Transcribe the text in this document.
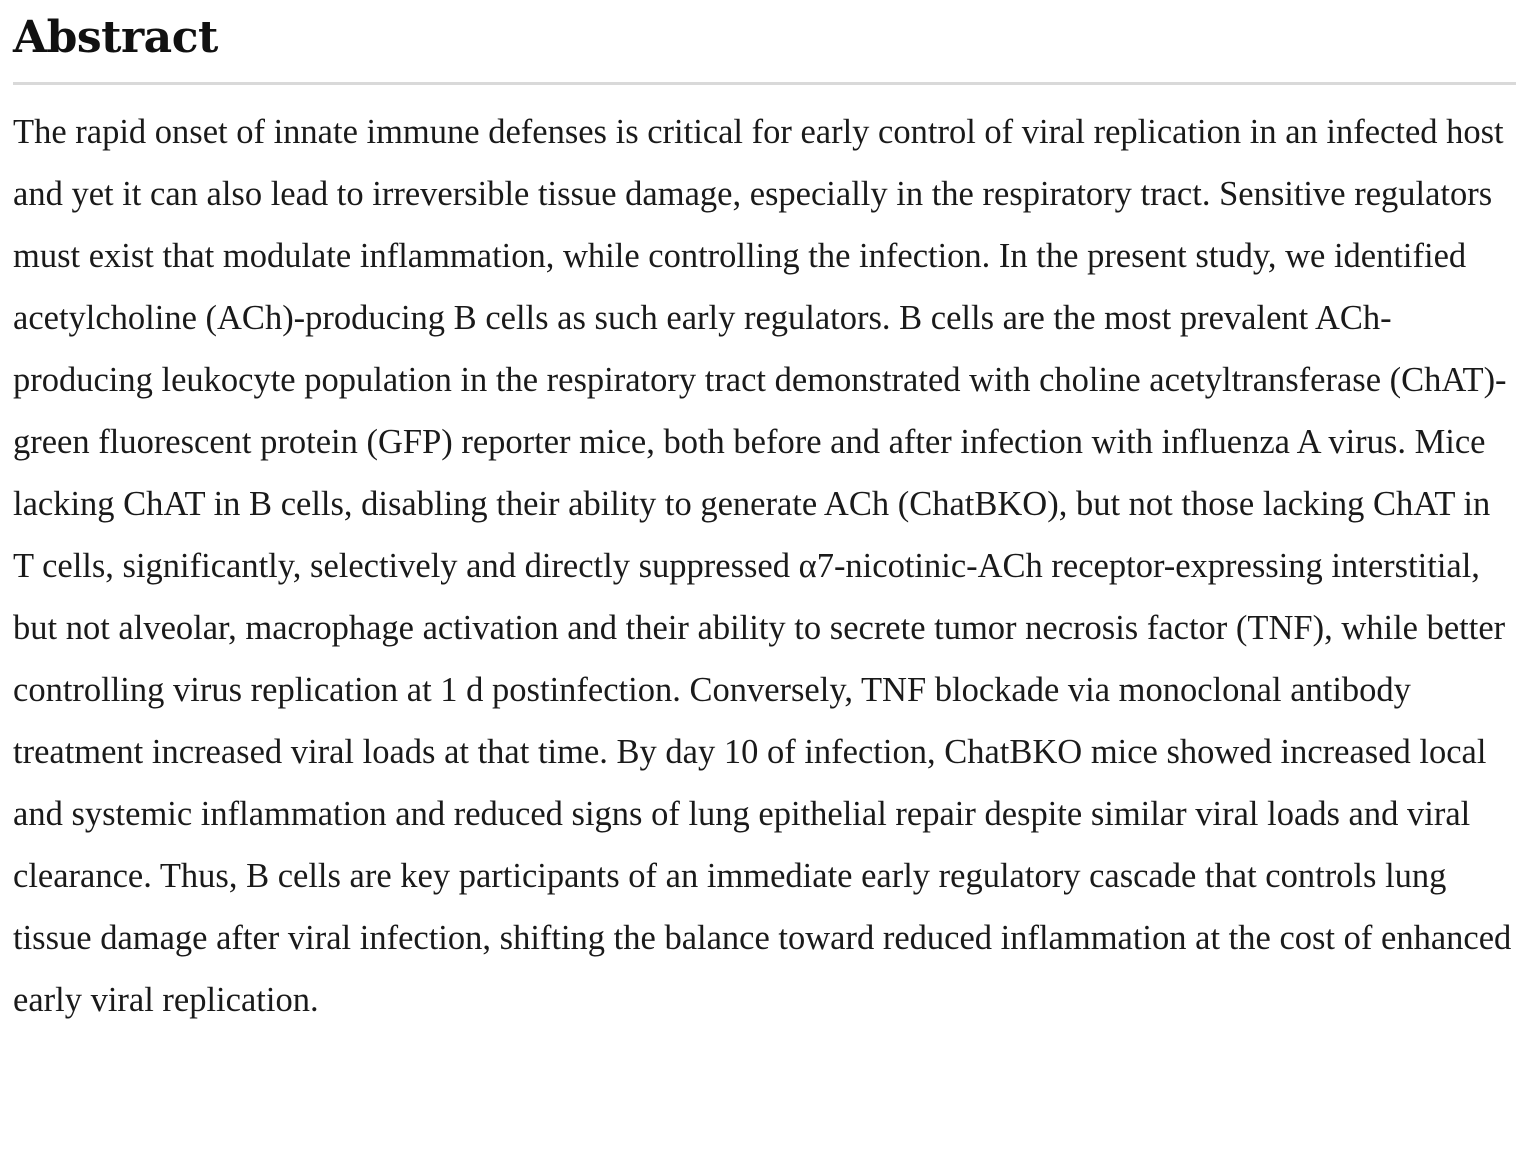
Abstract

The rapid onset of innate immune defenses is critical for early control of viral replication in an infected host and yet it can also lead to irreversible tissue damage, especially in the respiratory tract. Sensitive regulators must exist that modulate inflammation, while controlling the infection. In the present study, we identified acetylcholine (ACh)-producing B cells as such early regulators. B cells are the most prevalent ACh-producing leukocyte population in the respiratory tract demonstrated with choline acetyltransferase (ChAT)-green fluorescent protein (GFP) reporter mice, both before and after infection with influenza A virus. Mice lacking ChAT in B cells, disabling their ability to generate ACh (ChatBKO), but not those lacking ChAT in T cells, significantly, selectively and directly suppressed α7-nicotinic-ACh receptor-expressing interstitial, but not alveolar, macrophage activation and their ability to secrete tumor necrosis factor (TNF), while better controlling virus replication at 1 d postinfection. Conversely, TNF blockade via monoclonal antibody treatment increased viral loads at that time. By day 10 of infection, ChatBKO mice showed increased local and systemic inflammation and reduced signs of lung epithelial repair despite similar viral loads and viral clearance. Thus, B cells are key participants of an immediate early regulatory cascade that controls lung tissue damage after viral infection, shifting the balance toward reduced inflammation at the cost of enhanced early viral replication.
